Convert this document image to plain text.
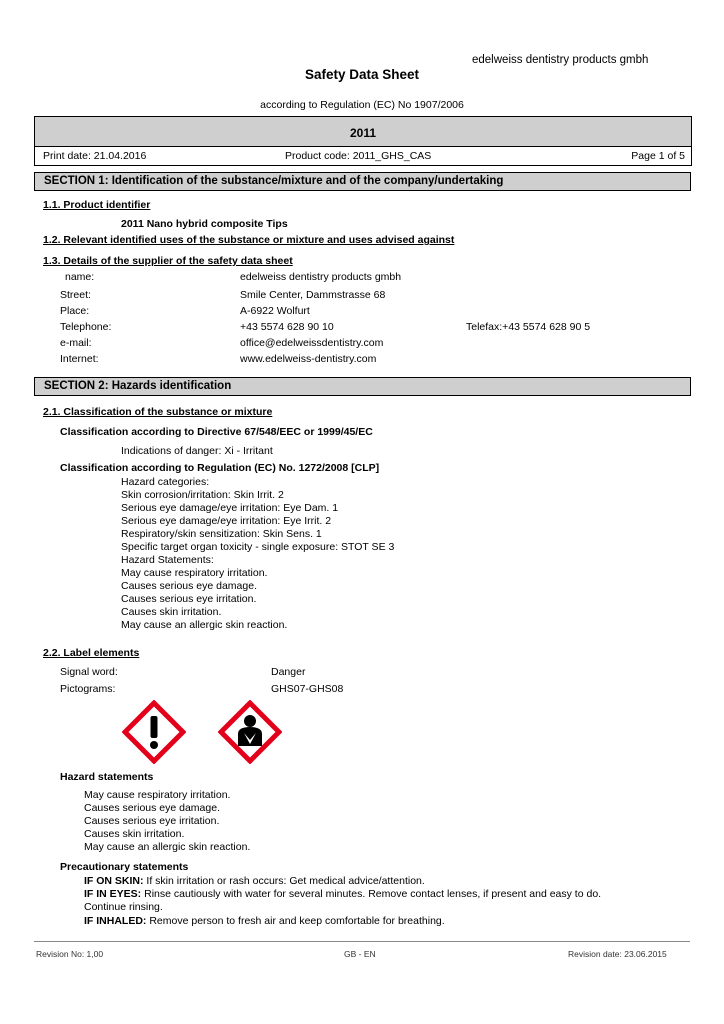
edelweiss dentistry products gmbh
Safety Data Sheet
according to Regulation (EC) No 1907/2006
2011
Print date: 21.04.2016	Product code: 2011_GHS_CAS	Page 1 of 5
SECTION 1: Identification of the substance/mixture and of the company/undertaking
1.1. Product identifier
2011 Nano hybrid composite Tips
1.2. Relevant identified uses of the substance or mixture and uses advised against
1.3. Details of the supplier of the safety data sheet
name:	edelweiss dentistry products gmbh
Street:	Smile Center, Dammstrasse 68
Place:	A-6922 Wolfurt
Telephone:	+43 5574 628 90 10	Telefax:+43 5574 628 90 5
e-mail:	office@edelweissdentistry.com
Internet:	www.edelweiss-dentistry.com
SECTION 2: Hazards identification
2.1. Classification of the substance or mixture
Classification according to Directive 67/548/EEC or 1999/45/EC
Indications of danger: Xi - Irritant
Classification according to Regulation (EC) No. 1272/2008 [CLP]
Hazard categories:
Skin corrosion/irritation: Skin Irrit. 2
Serious eye damage/eye irritation: Eye Dam. 1
Serious eye damage/eye irritation: Eye Irrit. 2
Respiratory/skin sensitization: Skin Sens. 1
Specific target organ toxicity - single exposure: STOT SE 3
Hazard Statements:
May cause respiratory irritation.
Causes serious eye damage.
Causes serious eye irritation.
Causes skin irritation.
May cause an allergic skin reaction.
2.2. Label elements
Signal word:	Danger
Pictograms:	GHS07-GHS08
Hazard statements
May cause respiratory irritation.
Causes serious eye damage.
Causes serious eye irritation.
Causes skin irritation.
May cause an allergic skin reaction.
Precautionary statements
IF ON SKIN: If skin irritation or rash occurs: Get medical advice/attention.
IF IN EYES: Rinse cautiously with water for several minutes. Remove contact lenses, if present and easy to do.
Continue rinsing.
IF INHALED: Remove person to fresh air and keep comfortable for breathing.
Revision No: 1,00	GB - EN	Revision date: 23.06.2015
